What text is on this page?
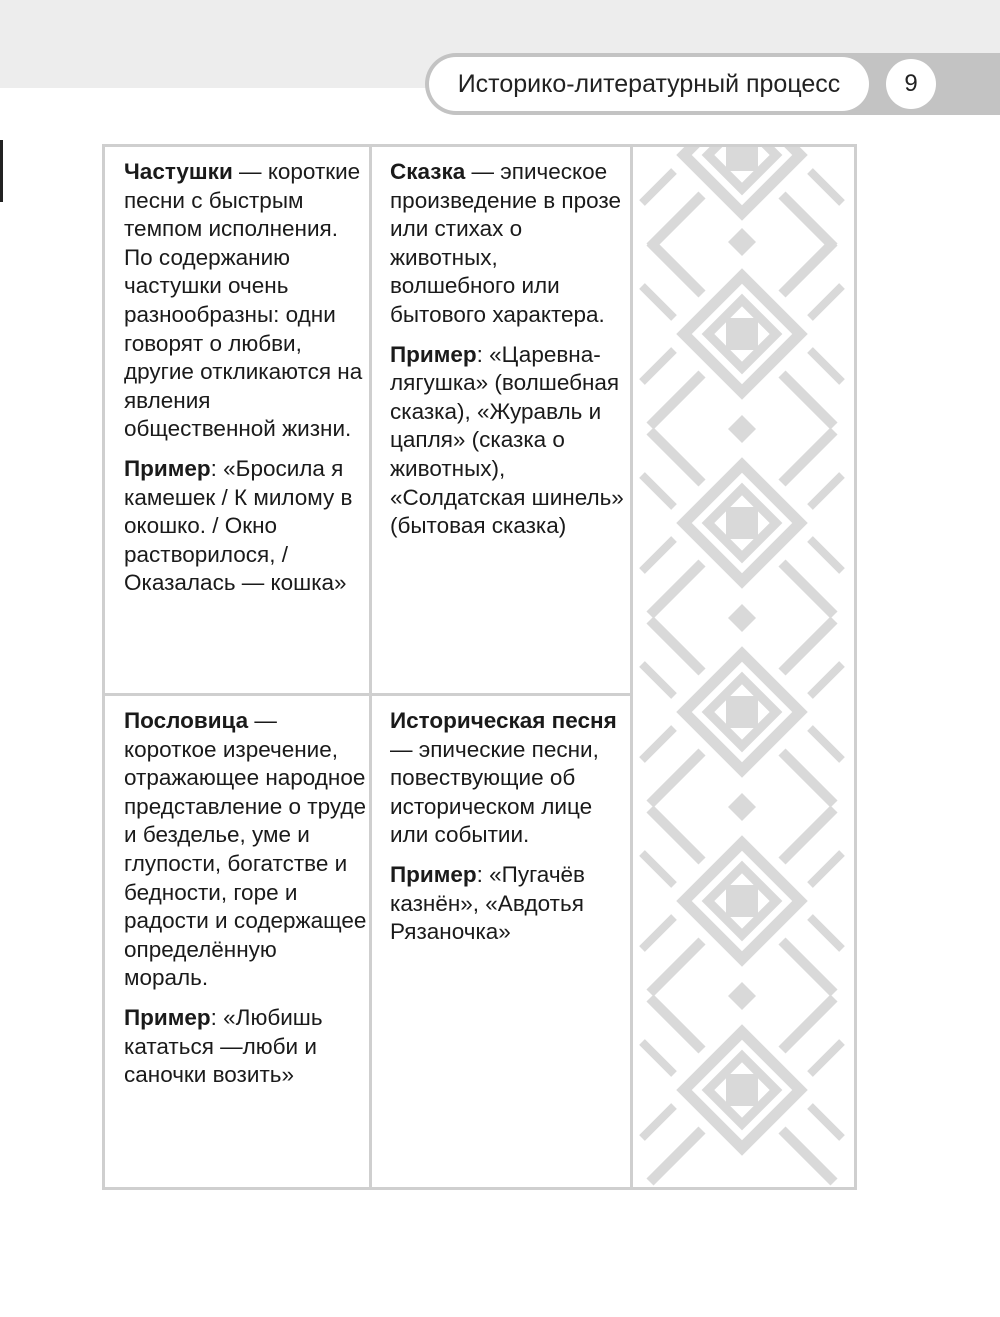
Историко-литературный процесс	9

Частушки — короткие песни с быстрым темпом исполнения. По содержанию частушки очень разнообразны: одни говорят о любви, другие откликаются на явления общественной жизни.

Пример: «Бросила я камешек / К милому в окошко. / Окно растворилося, / Оказалась — кошка»

Сказка — эпическое произведение в прозе или стихах о животных, волшебного или бытового характера.

Пример: «Царевна-лягушка» (волшебная сказка), «Журавль и цапля» (сказка о животных), «Солдатская шинель» (бытовая сказка)

Пословица — короткое изречение, отражающее народное представление о труде и безделье, уме и глупости, богатстве и бедности, горе и радости и содержащее определённую мораль.

Пример: «Любишь кататься —люби и саночки возить»

Историческая песня — эпические песни, повествующие об историческом лице или событии.

Пример: «Пугачёв казнён», «Авдотья Рязаночка»
